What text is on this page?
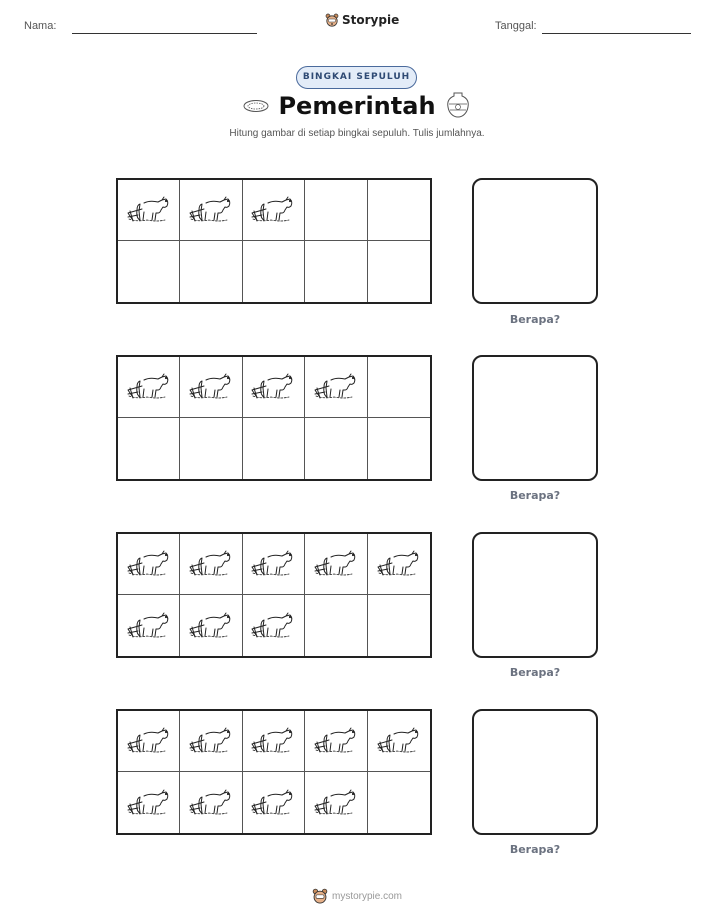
Nama:	Storypie	Tanggal:
BINGKAI SEPULUH
Pemerintah
Hitung gambar di setiap bingkai sepuluh. Tulis jumlahnya.
Berapa?
Berapa?
Berapa?
Berapa?
mystorypie.com
